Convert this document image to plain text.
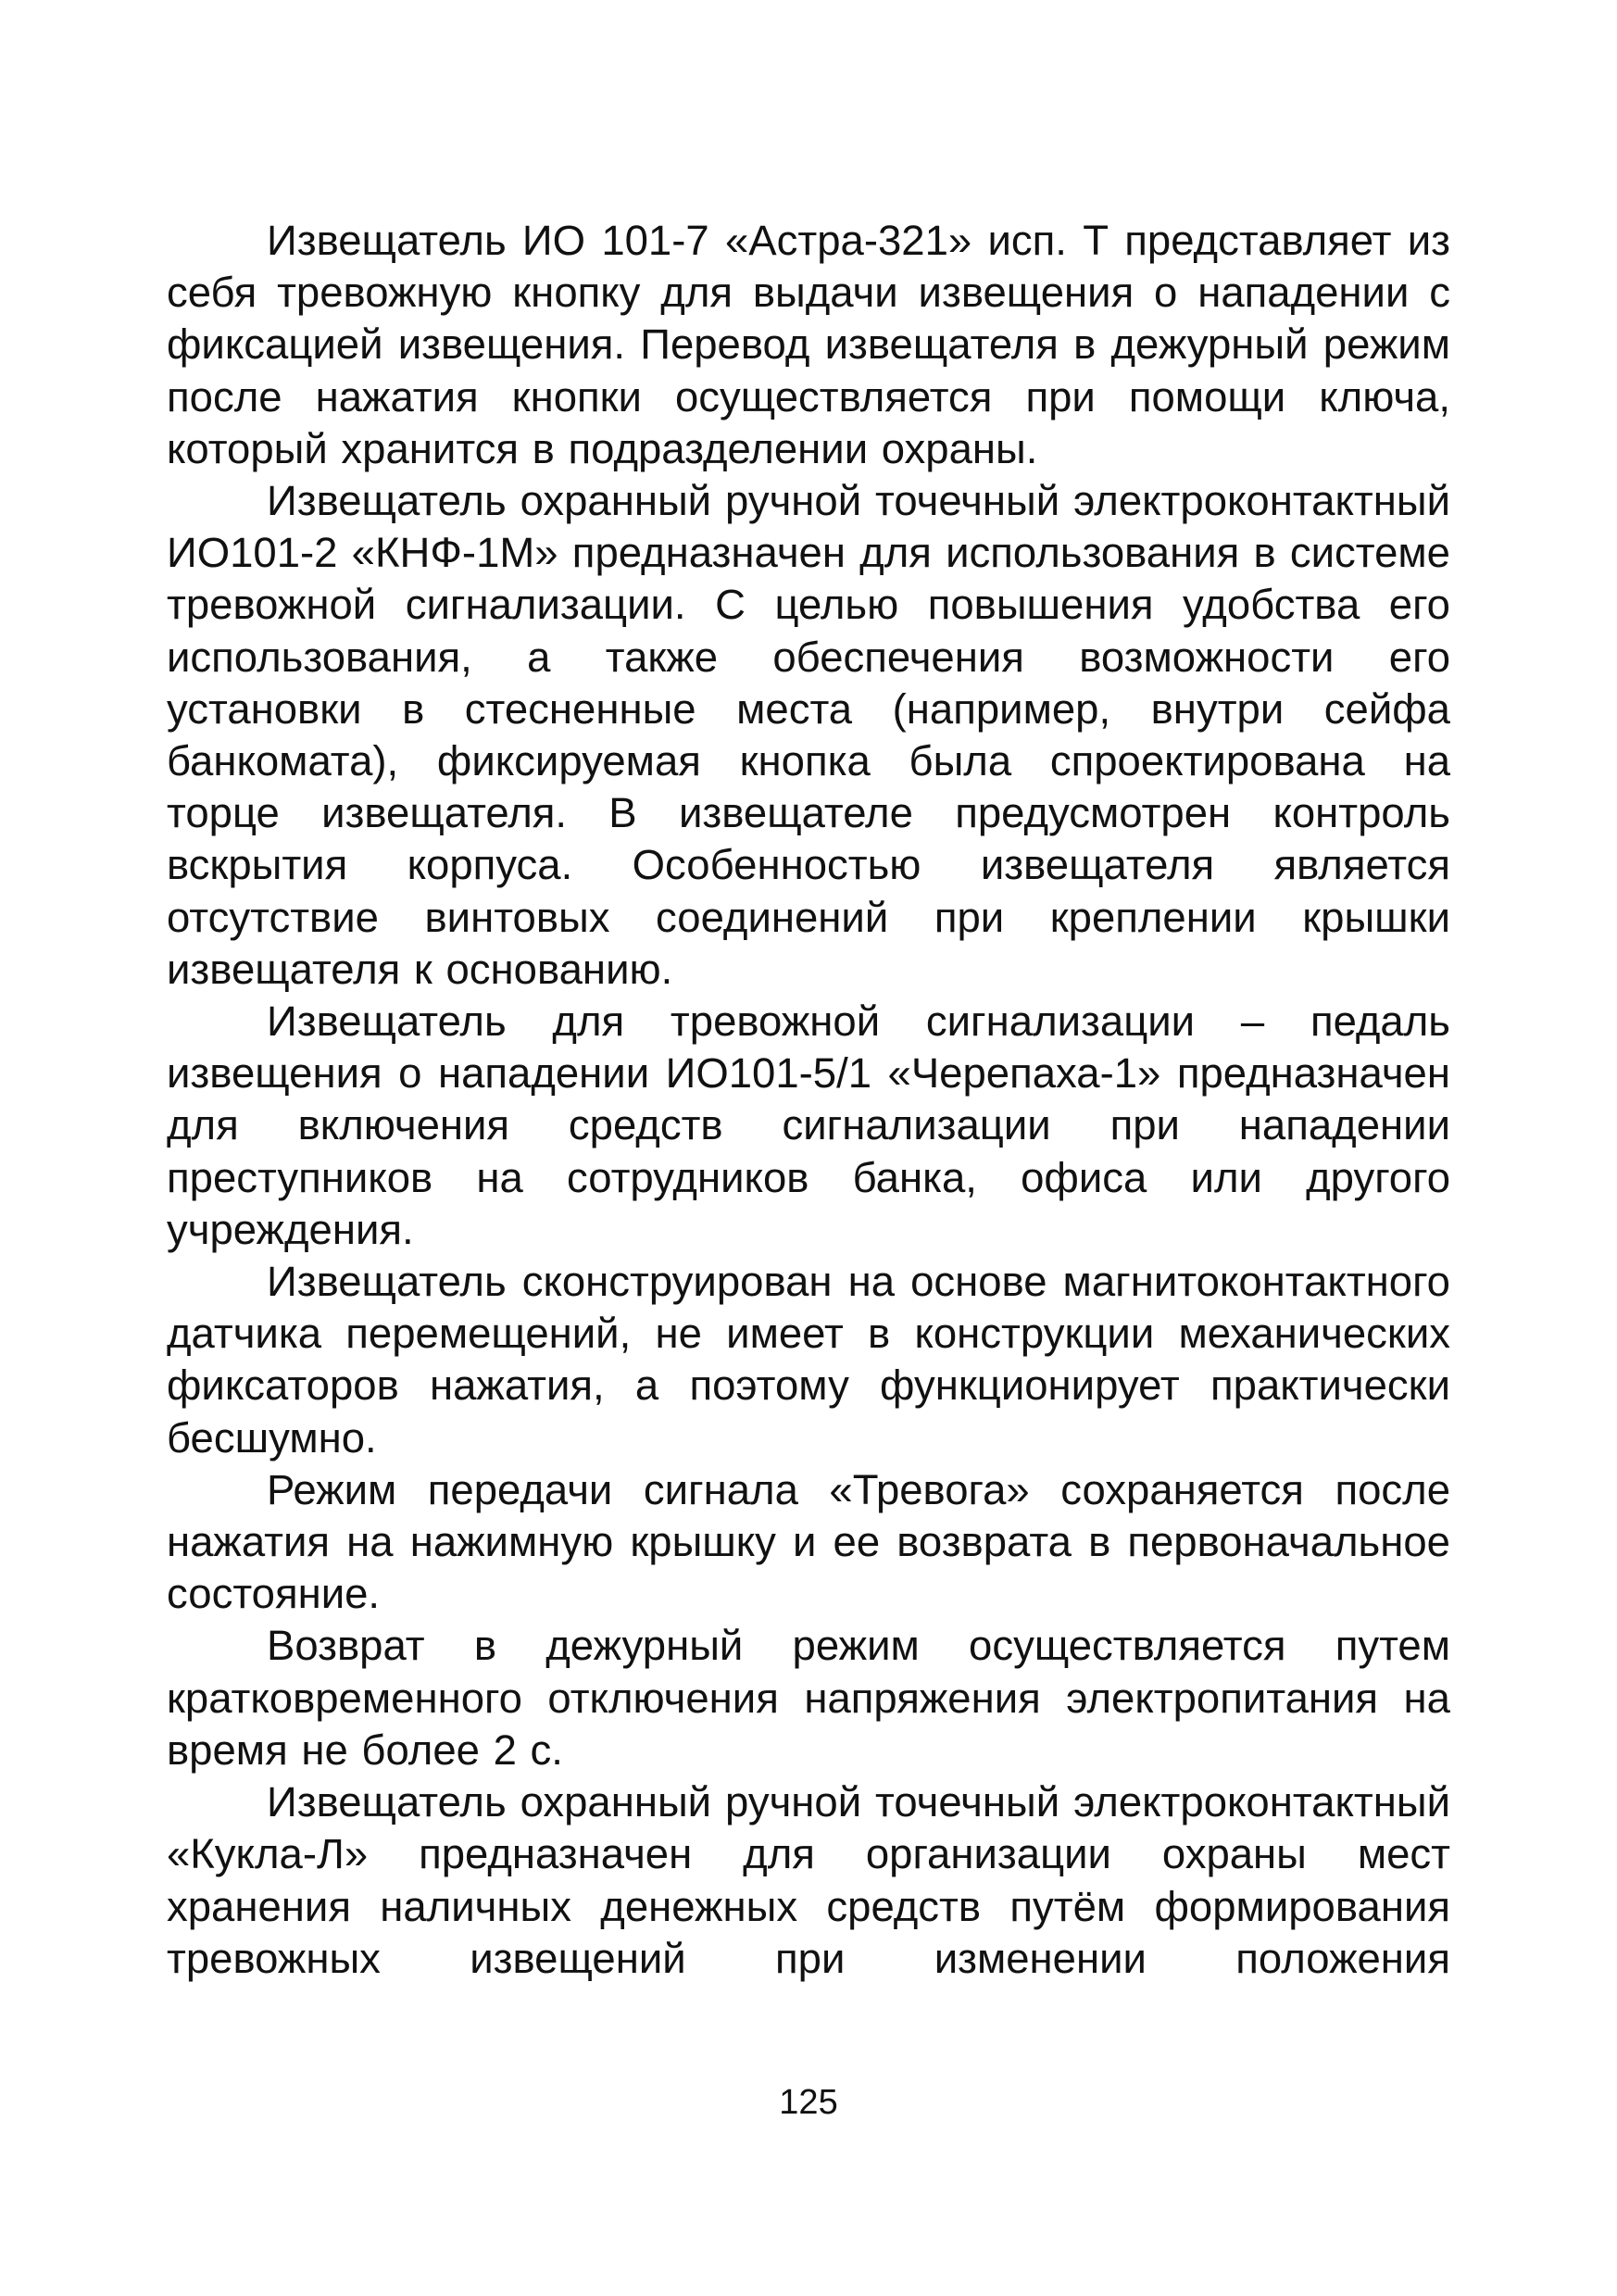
Извещатель ИО 101-7 «Астра-321» исп. Т представляет из себя тревожную кнопку для выдачи извещения о нападении с фиксацией извещения. Перевод извещателя в дежурный режим после нажатия кнопки осуществляется при помощи ключа, который хранится в подразделении охраны.

Извещатель охранный ручной точечный электроконтактный ИО101-2 «КНФ-1М» предназначен для использования в системе тревожной сигнализации. С целью повышения удобства его использования, а также обеспечения возможности его установки в стесненные места (например, внутри сейфа банкомата), фиксируемая кнопка была спроектирована на торце извещателя. В извещателе предусмотрен контроль вскрытия корпуса. Особенностью извещателя является отсутствие винтовых соединений при креплении крышки извещателя к основанию.

Извещатель для тревожной сигнализации – педаль извещения о нападении ИО101-5/1 «Черепаха-1» предназначен для включения средств сигнализации при нападении преступников на сотрудников банка, офиса или другого учреждения.

Извещатель сконструирован на основе магнитоконтактного датчика перемещений, не имеет в конструкции механических фиксаторов нажатия, а поэтому функционирует практически бесшумно.

Режим передачи сигнала «Тревога» сохраняется после нажатия на нажимную крышку и ее возврата в первоначальное состояние.

Возврат в дежурный режим осуществляется путем кратковременного отключения напряжения электропитания на время не более 2 с.

Извещатель охранный ручной точечный электроконтактный «Кукла-Л» предназначен для организации охраны мест хранения наличных денежных средств путём формирования тревожных извещений при изменении положения

125
